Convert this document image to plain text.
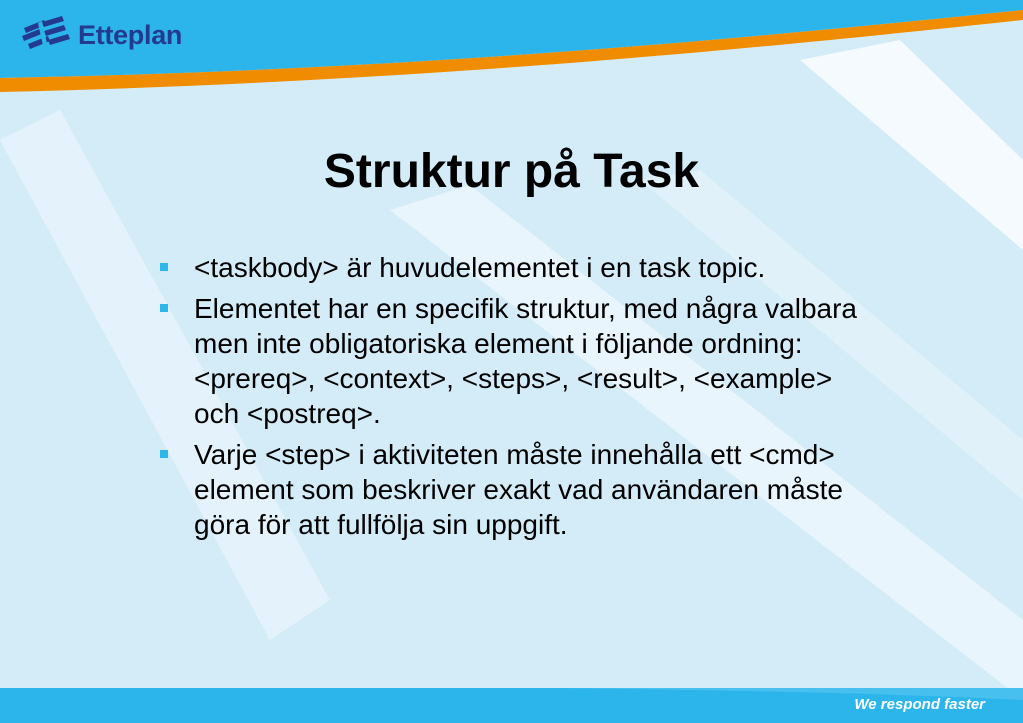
Etteplan
Struktur på Task
<taskbody> är huvudelementet i en task topic.
Elementet har en specifik struktur, med några valbara men inte obligatoriska element i följande ordning: <prereq>, <context>, <steps>, <result>, <example> och <postreq>.
Varje <step> i aktiviteten måste innehålla ett <cmd> element som beskriver exakt vad användaren måste göra för att fullfölja sin uppgift.
We respond faster
